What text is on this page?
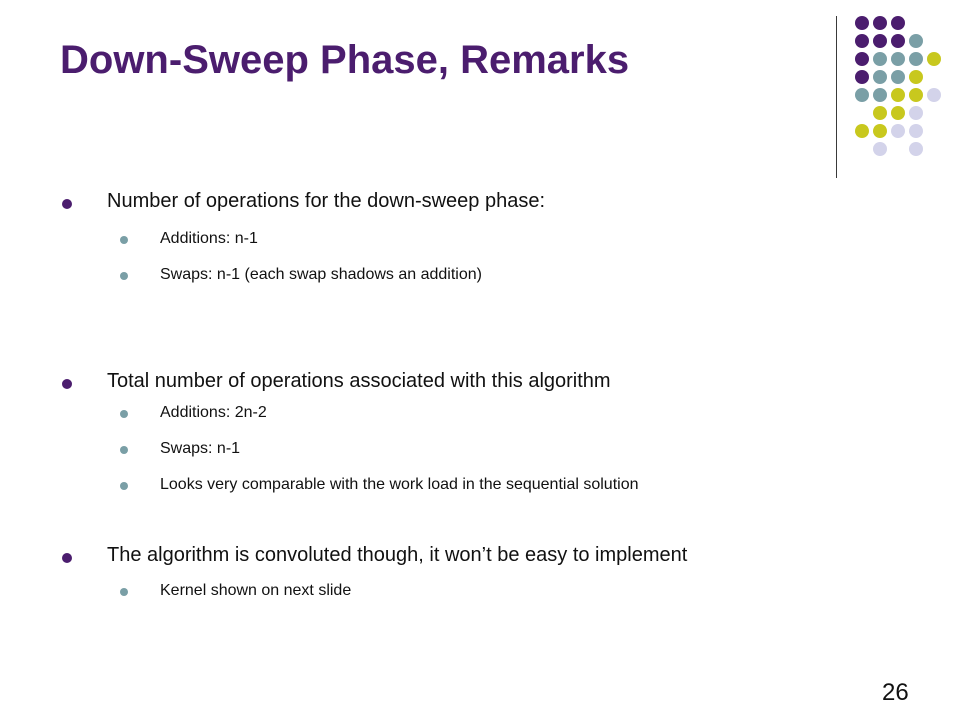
Down-Sweep Phase, Remarks
Number of operations for the down-sweep phase:
Additions: n-1
Swaps: n-1 (each swap shadows an addition)
Total number of operations associated with this algorithm
Additions: 2n-2
Swaps: n-1
Looks very comparable with the work load in the sequential solution
The algorithm is convoluted though, it won’t be easy to implement
Kernel shown on next slide
26
